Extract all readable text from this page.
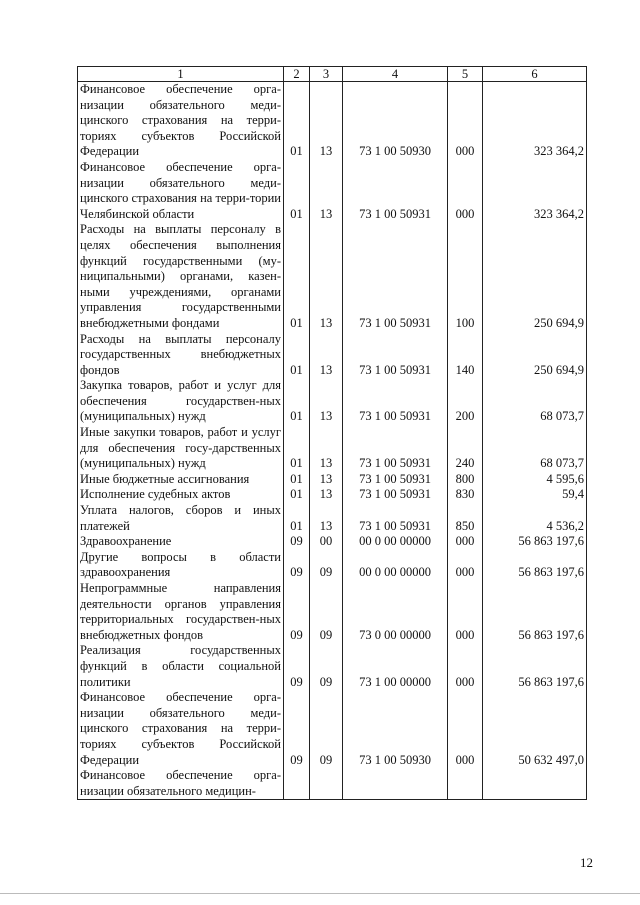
1	2	3	4	5	6
Финансовое обеспечение орга-низации обязательного меди-цинского страхования на терри-ториях субъектов Российской Федерации	01	13	73 1 00 50930	000	323 364,2
Финансовое обеспечение орга-низации обязательного меди-цинского страхования на терри-тории Челябинской области	01	13	73 1 00 50931	000	323 364,2
Расходы на выплаты персоналу в целях обеспечения выполнения функций государственными (му-ниципальными) органами, казен-ными учреждениями, органами управления государственными внебюджетными фондами	01	13	73 1 00 50931	100	250 694,9
Расходы на выплаты персоналу государственных внебюджетных фондов	01	13	73 1 00 50931	140	250 694,9
Закупка товаров, работ и услуг для обеспечения государствен-ных (муниципальных) нужд	01	13	73 1 00 50931	200	68 073,7
Иные закупки товаров, работ и услуг для обеспечения госу-дарственных (муниципальных) нужд	01	13	73 1 00 50931	240	68 073,7
Иные бюджетные ассигнования	01	13	73 1 00 50931	800	4 595,6
Исполнение судебных актов	01	13	73 1 00 50931	830	59,4
Уплата налогов, сборов и иных платежей	01	13	73 1 00 50931	850	4 536,2
Здравоохранение	09	00	00 0 00 00000	000	56 863 197,6
Другие вопросы в области здравоохранения	09	09	00 0 00 00000	000	56 863 197,6
Непрограммные направления деятельности органов управления территориальных государствен-ных внебюджетных фондов	09	09	73 0 00 00000	000	56 863 197,6
Реализация государственных функций в области социальной политики	09	09	73 1 00 00000	000	56 863 197,6
Финансовое обеспечение орга-низации обязательного меди-цинского страхования на терри-ториях субъектов Российской Федерации	09	09	73 1 00 50930	000	50 632 497,0
Финансовое обеспечение орга-низации обязательного медицин-					
12
